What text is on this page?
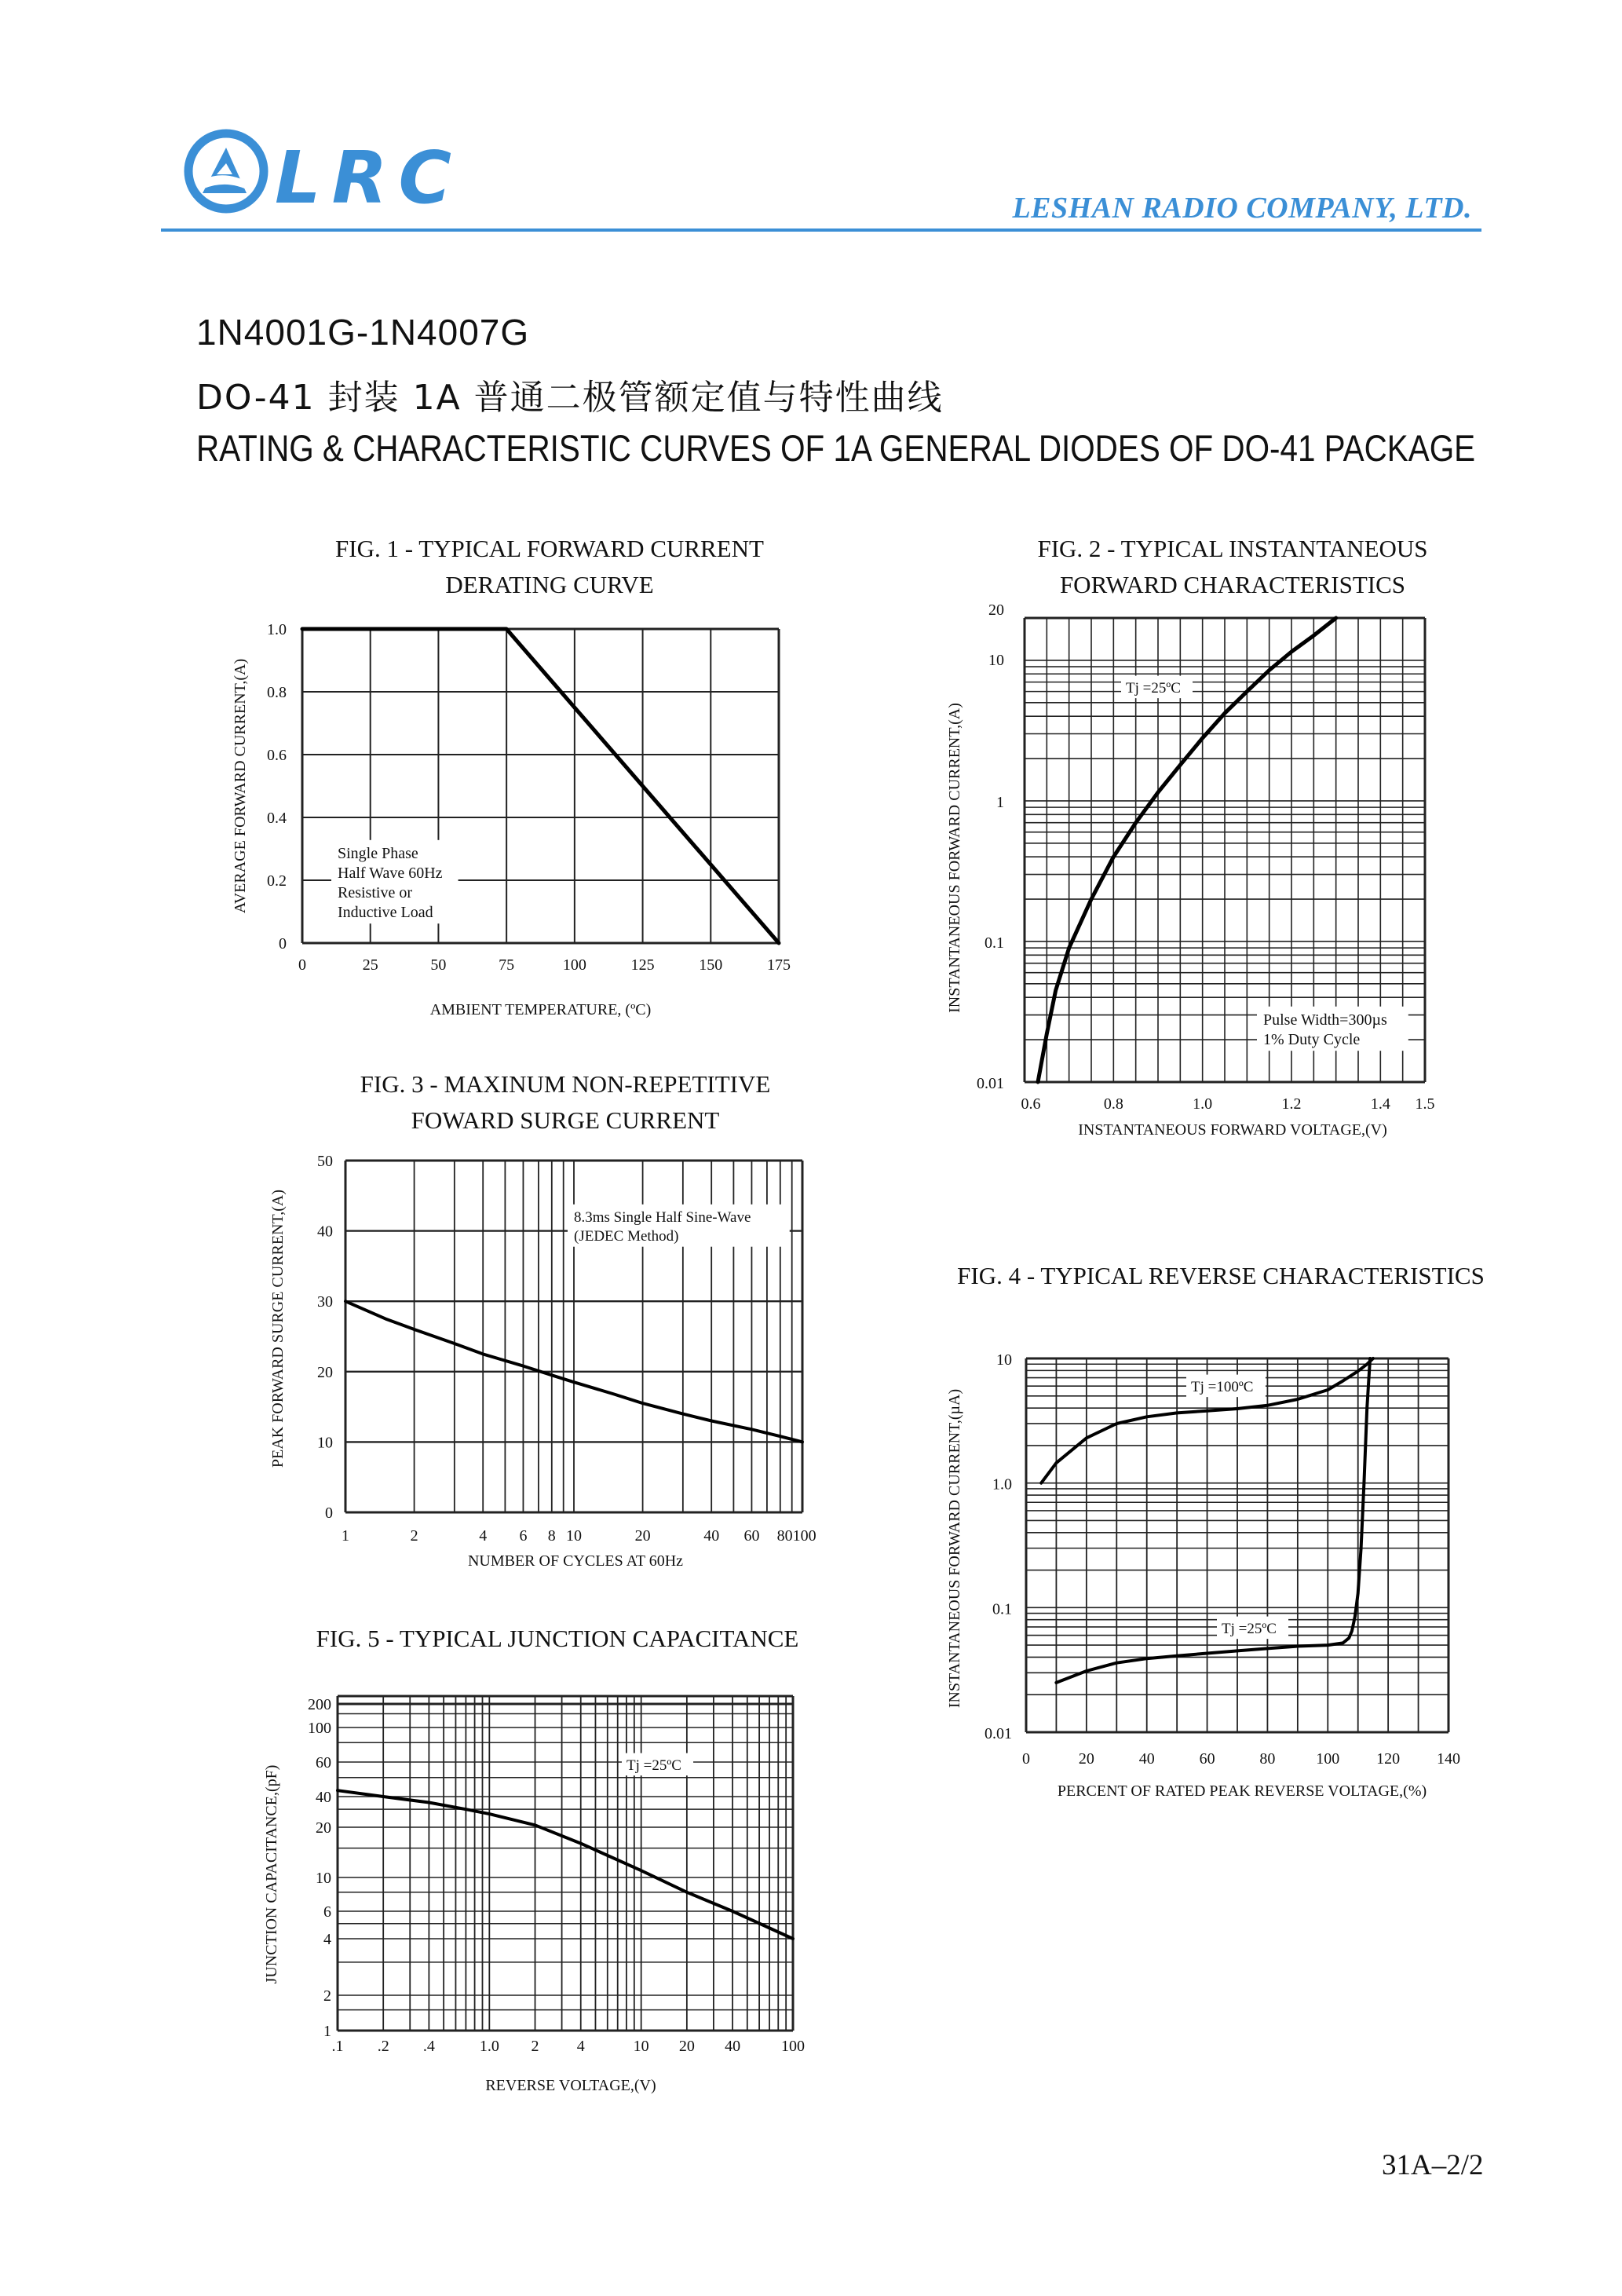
LRC	LESHAN RADIO COMPANY, LTD.
1N4001G-1N4007G
DO-41 封装 1A 普通二极管额定值与特性曲线
RATING & CHARACTERISTIC CURVES OF 1A GENERAL DIODES OF DO-41 PACKAGE
FIG. 1 - TYPICAL FORWARD CURRENT
DERATING CURVE
FIG. 2 - TYPICAL INSTANTANEOUS
FORWARD CHARACTERISTICS
FIG. 3 - MAXINUM NON-REPETITIVE
FOWARD SURGE CURRENT
FIG. 4 - TYPICAL REVERSE CHARACTERISTICS
FIG. 5 - TYPICAL JUNCTION CAPACITANCE
0	25	50	75	100	125	150	175
0
0.2
0.4
0.6
0.8
1.0
Single Phase
Half Wave 60Hz
Resistive or
Inductive Load
AMBIENT TEMPERATURE, (ºC)
AVERAGE FORWARD CURRENT,(A)
0.6	0.8	1.0	1.2	1.4 1.5
0.01
0.1
1
10
20
Tj =25ºC
Pulse Width=300µs
1% Duty Cycle
INSTANTANEOUS FORWARD VOLTAGE,(V)
INSTANTANEOUS FORWARD CURRENT,(A)
0
10
20
30
40
50
1	2	4 6 8 10	20	40 60 80100
8.3ms Single Half Sine-Wave
(JEDEC Method)
NUMBER OF CYCLES AT 60Hz
PEAK FORWARD SURGE CURRENT,(A)
0	20	40	60	80	100 120 140
0.01
0.1
1.0
10
Tj =100ºC
Tj =25ºC
PERCENT OF RATED PEAK REVERSE VOLTAGE,(%)
INSTANTANEOUS FORWARD CURRENT,(µA)
1
2
4
6
10
20
40
60
100
200
.1 .2 .4	1.0 2 4	10 20 40	100
Tj =25ºC
REVERSE VOLTAGE,(V)
JUNCTION CAPACITANCE,(pF)
31A–2/2
